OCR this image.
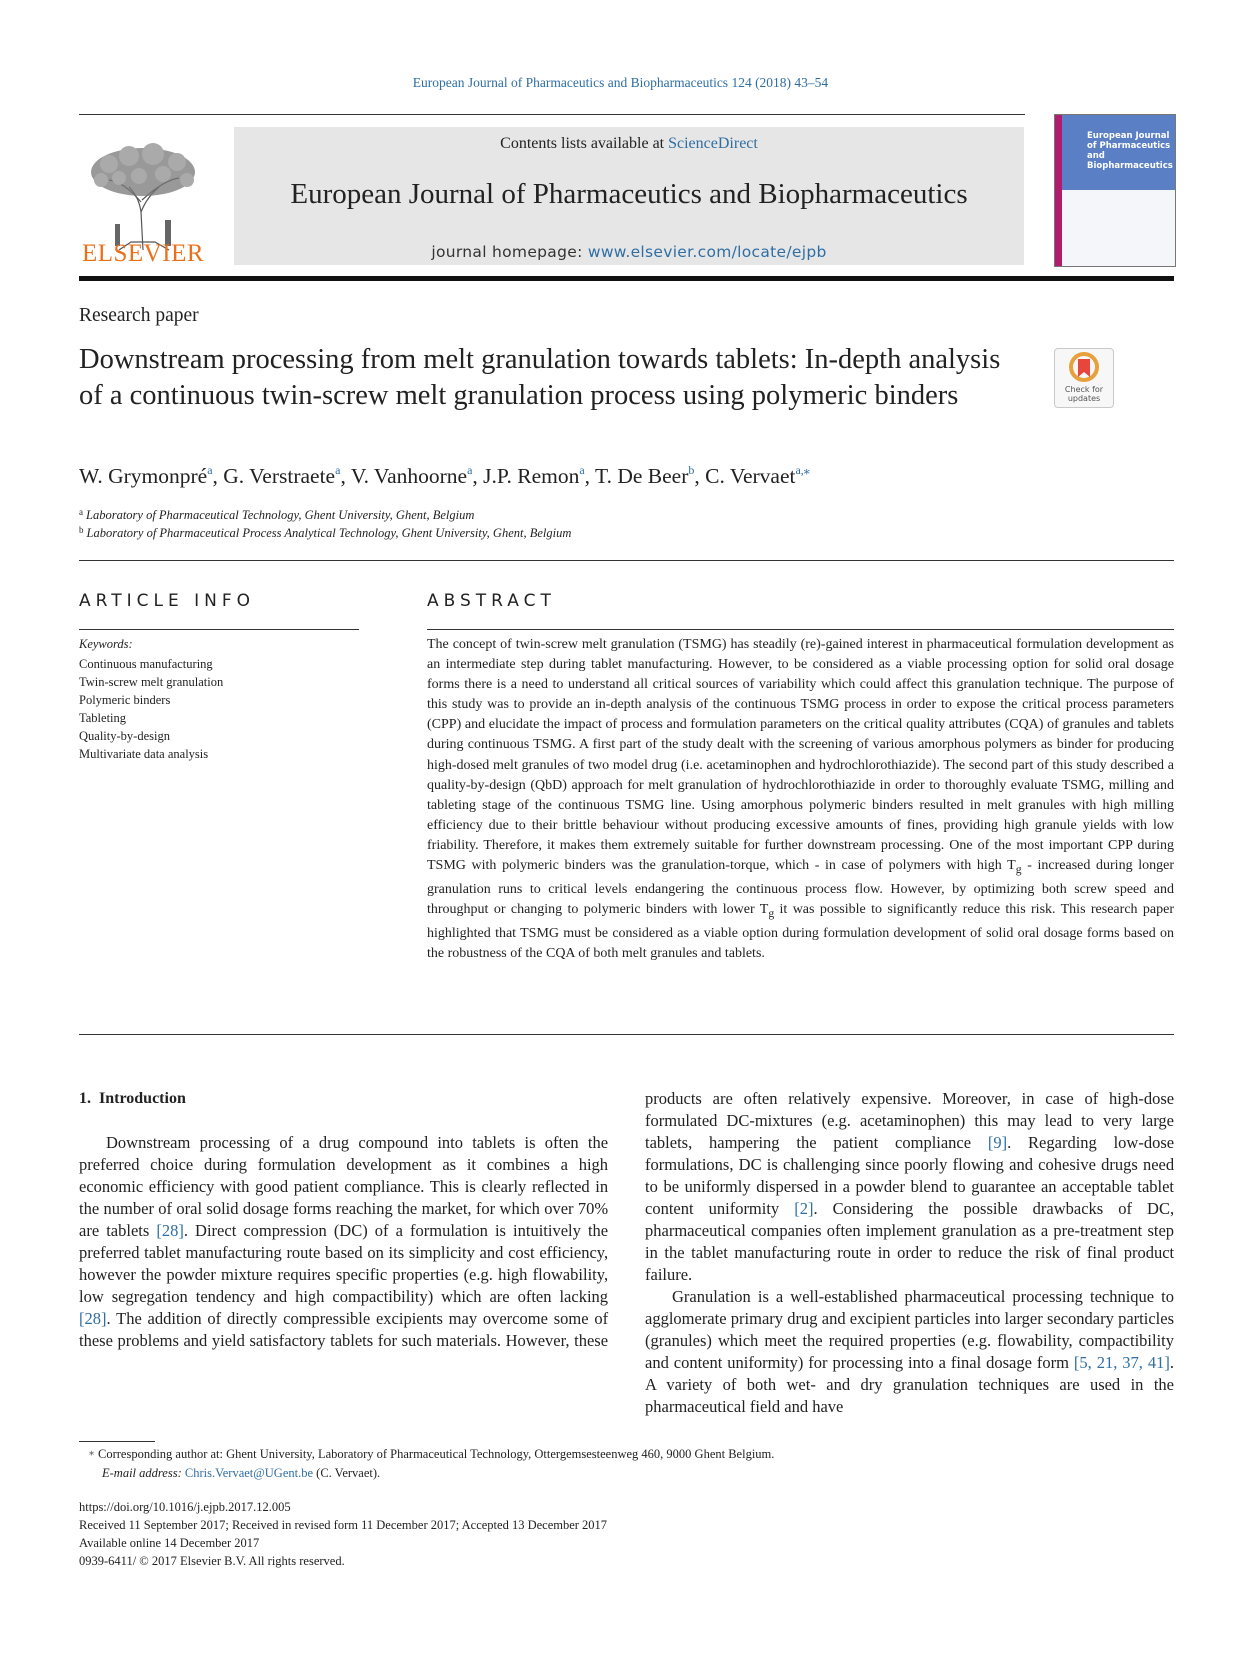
European Journal of Pharmaceutics and Biopharmaceutics 124 (2018) 43–54
ELSEVIER
Contents lists available at ScienceDirect
European Journal of Pharmaceutics and Biopharmaceutics
journal homepage: www.elsevier.com/locate/ejpb
European Journal of Pharmaceutics and Biopharmaceutics
Research paper
Downstream processing from melt granulation towards tablets: In-depth analysis of a continuous twin-screw melt granulation process using polymeric binders	Check for updates
W. Grymonpré$^a$, G. Verstraete$^a$, V. Vanhoorne$^a$, J.P. Remon$^a$, T. De Beer$^b$, C. Vervaet$^{a,⁎}$
$^a$ Laboratory of Pharmaceutical Technology, Ghent University, Ghent, Belgium
$^b$ Laboratory of Pharmaceutical Process Analytical Technology, Ghent University, Ghent, Belgium
ARTICLE INFO	ABSTRACT
Keywords:
Continuous manufacturing
Twin-screw melt granulation
Polymeric binders
Tableting
Quality-by-design
Multivariate data analysis

The concept of twin-screw melt granulation (TSMG) has steadily (re)-gained interest in pharmaceutical formulation development as an intermediate step during tablet manufacturing. However, to be considered as a viable processing option for solid oral dosage forms there is a need to understand all critical sources of variability which could affect this granulation technique. The purpose of this study was to provide an in-depth analysis of the continuous TSMG process in order to expose the critical process parameters (CPP) and elucidate the impact of process and formulation parameters on the critical quality attributes (CQA) of granules and tablets during continuous TSMG. A first part of the study dealt with the screening of various amorphous polymers as binder for producing high-dosed melt granules of two model drug (i.e. acetaminophen and hydrochlorothiazide). The second part of this study described a quality-by-design (QbD) approach for melt granulation of hydrochlorothiazide in order to thoroughly evaluate TSMG, milling and tableting stage of the continuous TSMG line. Using amorphous polymeric binders resulted in melt granules with high milling efficiency due to their brittle behaviour without producing excessive amounts of fines, providing high granule yields with low friability. Therefore, it makes them extremely suitable for further downstream processing. One of the most important CPP during TSMG with polymeric binders was the granulation-torque, which - in case of polymers with high $T_g$ - increased during longer granulation runs to critical levels endangering the continuous process flow. However, by optimizing both screw speed and throughput or changing to polymeric binders with lower $T_g$ it was possible to significantly reduce this risk. This research paper highlighted that TSMG must be considered as a viable option during formulation development of solid oral dosage forms based on the robustness of the CQA of both melt granules and tablets.

1. Introduction

Downstream processing of a drug compound into tablets is often the preferred choice during formulation development as it combines a high economic efficiency with good patient compliance. This is clearly reflected in the number of oral solid dosage forms reaching the market, for which over 70% are tablets [28]. Direct compression (DC) of a formulation is intuitively the preferred tablet manufacturing route based on its simplicity and cost efficiency, however the powder mixture requires specific properties (e.g. high flowability, low segregation tendency and high compactibility) which are often lacking [28]. The addition of directly compressible excipients may overcome some of these problems and yield satisfactory tablets for such materials. However, these

products are often relatively expensive. Moreover, in case of high-dose formulated DC-mixtures (e.g. acetaminophen) this may lead to very large tablets, hampering the patient compliance [9]. Regarding low-dose formulations, DC is challenging since poorly flowing and cohesive drugs need to be uniformly dispersed in a powder blend to guarantee an acceptable tablet content uniformity [2]. Considering the possible drawbacks of DC, pharmaceutical companies often implement granulation as a pre-treatment step in the tablet manufacturing route in order to reduce the risk of final product failure.

Granulation is a well-established pharmaceutical processing technique to agglomerate primary drug and excipient particles into larger secondary particles (granules) which meet the required properties (e.g. flowability, compactibility and content uniformity) for processing into a final dosage form [5, 21, 37, 41]. A variety of both wet- and dry granulation techniques are used in the pharmaceutical field and have

⁎ Corresponding author at: Ghent University, Laboratory of Pharmaceutical Technology, Ottergemsesteenweg 460, 9000 Ghent Belgium.
E-mail address: Chris.Vervaet@UGent.be (C. Vervaet).
https://doi.org/10.1016/j.ejpb.2017.12.005
Received 11 September 2017; Received in revised form 11 December 2017; Accepted 13 December 2017
Available online 14 December 2017
0939-6411/ © 2017 Elsevier B.V. All rights reserved.
